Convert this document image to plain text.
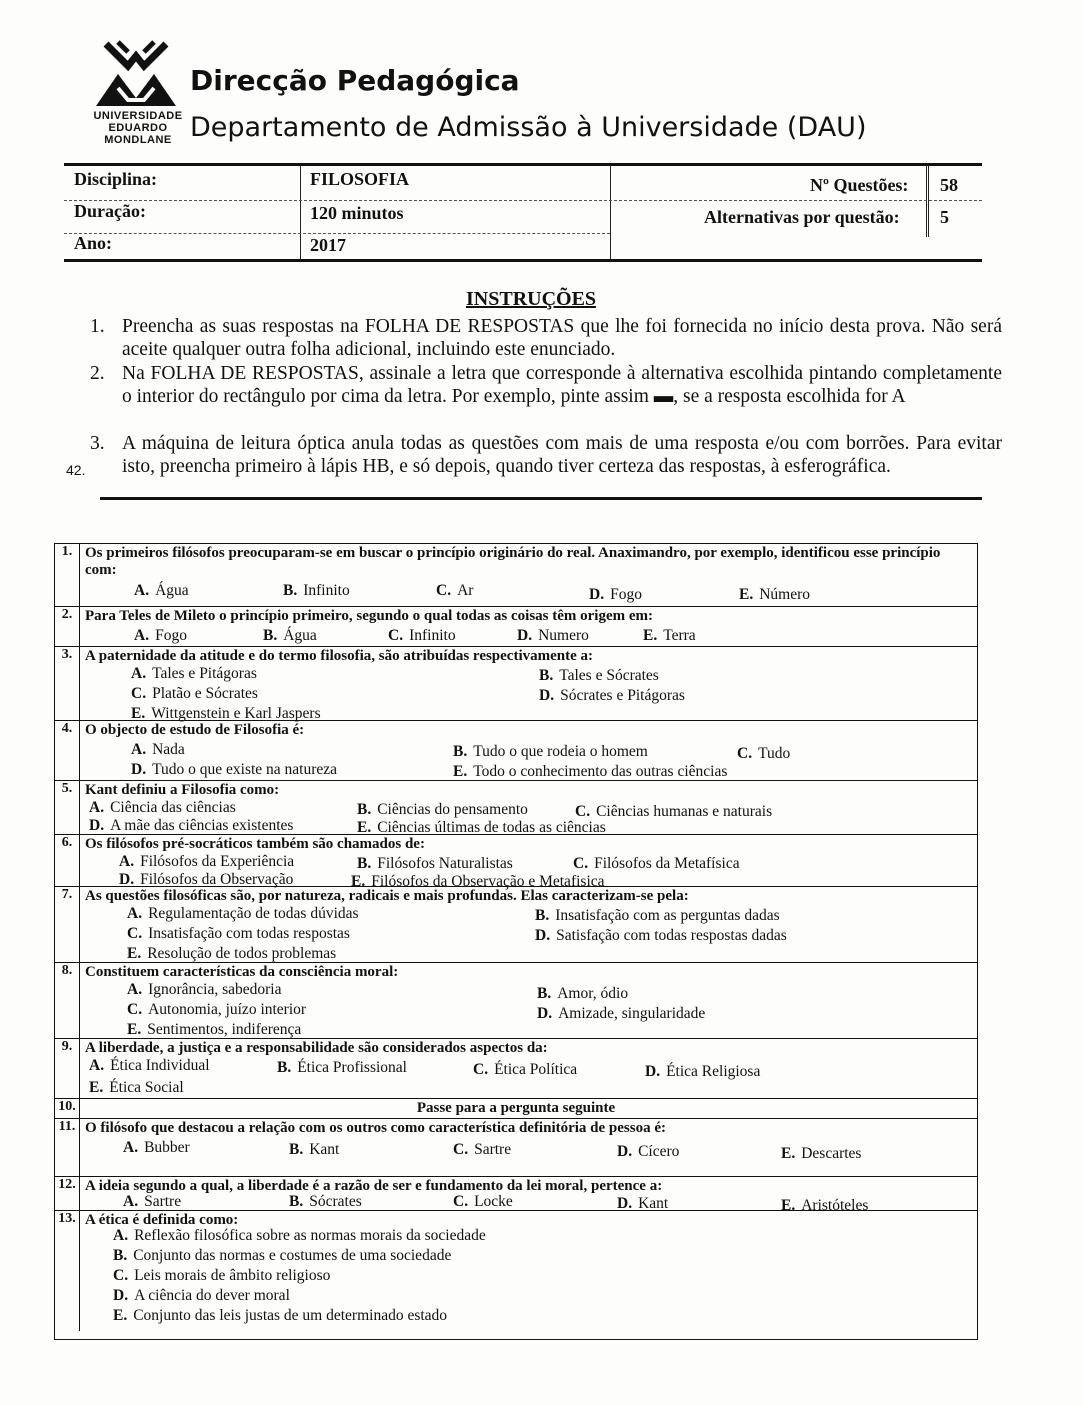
UNIVERSIDADE
EDUARDO
MONDLANE
Direcção Pedagógica
Departamento de Admissão à Universidade (DAU)
Disciplina:	FILOSOFIA	Nº Questões: 58
Duração:	120 minutos	Alternativas por questão: 5
Ano:	2017
INSTRUÇÕES
1. Preencha as suas respostas na FOLHA DE RESPOSTAS que lhe foi fornecida no início desta prova. Não será aceite qualquer outra folha adicional, incluindo este enunciado.
2. Na FOLHA DE RESPOSTAS, assinale a letra que corresponde à alternativa escolhida pintando completamente o interior do rectângulo por cima da letra. Por exemplo, pinte assim ▬, se a resposta escolhida for A
3. A máquina de leitura óptica anula todas as questões com mais de uma resposta e/ou com borrões. Para evitar isto, preencha primeiro à lápis HB, e só depois, quando tiver certeza das respostas, à esferográfica.
42.
1. Os primeiros filósofos preocuparam-se em buscar o princípio originário do real. Anaximandro, por exemplo, identificou esse princípio com:
A. Água	B. Infinito	C. Ar	D. Fogo	E. Número
2. Para Teles de Mileto o princípio primeiro, segundo o qual todas as coisas têm origem em:
A. Fogo	B. Água	C. Infinito	D. Numero	E. Terra
3. A paternidade da atitude e do termo filosofia, são atribuídas respectivamente a:
A. Tales e Pitágoras	B. Tales e Sócrates
C. Platão e Sócrates	D. Sócrates e Pitágoras
E. Wittgenstein e Karl Jaspers
4. O objecto de estudo de Filosofia é:
A. Nada	B. Tudo o que rodeia o homem	C. Tudo
D. Tudo o que existe na natureza	E. Todo o conhecimento das outras ciências
5. Kant definiu a Filosofia como:
A. Ciência das ciências	B. Ciências do pensamento	C. Ciências humanas e naturais
D. A mãe das ciências existentes	E. Ciências últimas de todas as ciências
6. Os filósofos pré-socráticos também são chamados de:
A. Filósofos da Experiência	B. Filósofos Naturalistas	C. Filósofos da Metafísica
D. Filósofos da Observação	E. Filósofos da Observação e Metafisica
7. As questões filosóficas são, por natureza, radicais e mais profundas. Elas caracterizam-se pela:
A. Regulamentação de todas dúvidas	B. Insatisfação com as perguntas dadas
C. Insatisfação com todas respostas	D. Satisfação com todas respostas dadas
E. Resolução de todos problemas
8. Constituem características da consciência moral:
A. Ignorância, sabedoria	B. Amor, ódio
C. Autonomia, juízo interior	D. Amizade, singularidade
E. Sentimentos, indiferença
9. A liberdade, a justiça e a responsabilidade são considerados aspectos da:
A. Ética Individual	B. Ética Profissional	C. Ética Política	D. Ética Religiosa
E. Ética Social
10.	Passe para a pergunta seguinte
11. O filósofo que destacou a relação com os outros como característica definitória de pessoa é:
A. Bubber	B. Kant	C. Sartre	D. Cícero	E. Descartes
12. A ideia segundo a qual, a liberdade é a razão de ser e fundamento da lei moral, pertence a:
A. Sartre	B. Sócrates	C. Locke	D. Kant	E. Aristóteles
13. A ética é definida como:
A. Reflexão filosófica sobre as normas morais da sociedade
B. Conjunto das normas e costumes de uma sociedade
C. Leis morais de âmbito religioso
D. A ciência do dever moral
E. Conjunto das leis justas de um determinado estado
